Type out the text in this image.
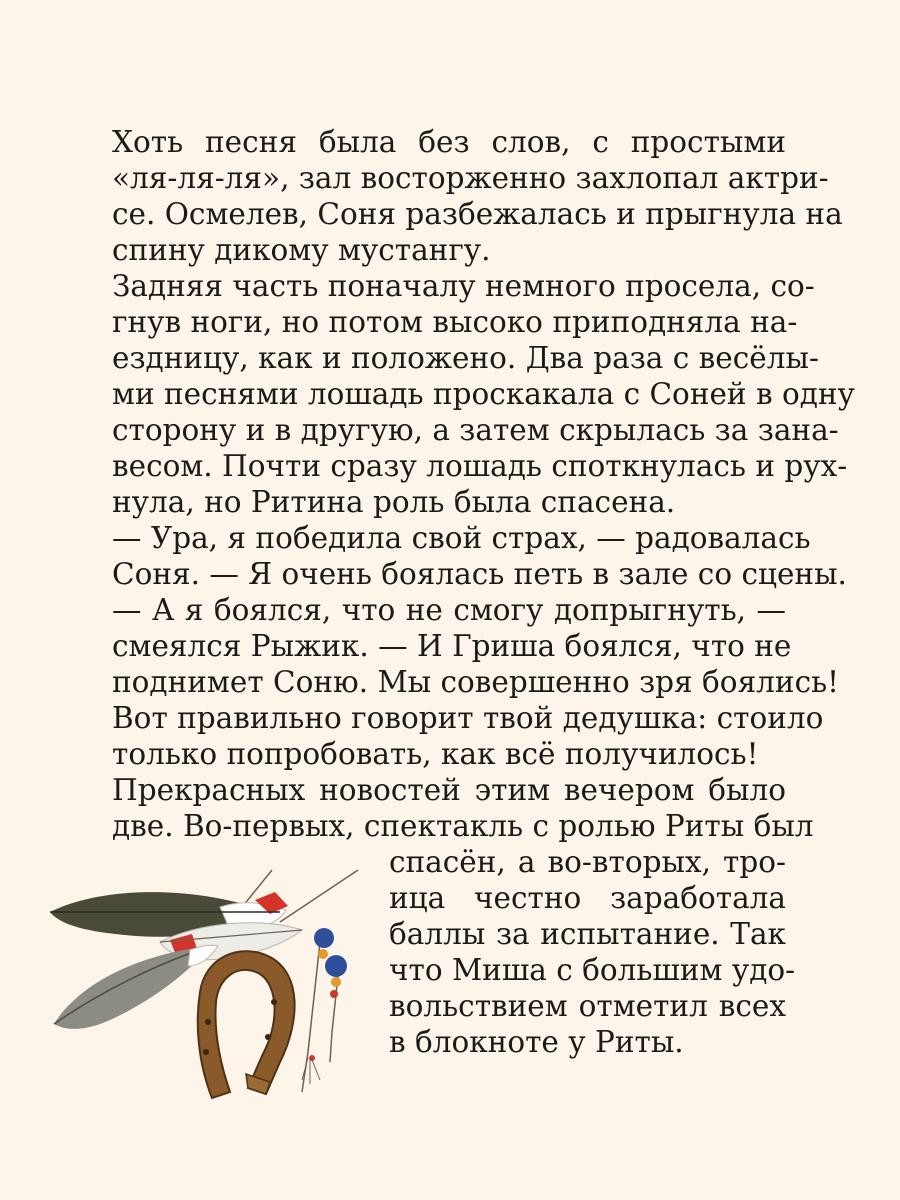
Хоть песня была без слов, с простыми
«ля-ля-ля», зал восторженно захлопал актри-
се. Осмелев, Соня разбежалась и прыгнула на
спину дикому мустангу.
Задняя часть поначалу немного просела, со-
гнув ноги, но потом высоко приподняла на-
ездницу, как и положено. Два раза с весёлы-
ми песнями лошадь проскакала с Соней в одну
сторону и в другую, а затем скрылась за зана-
весом. Почти сразу лошадь споткнулась и рух-
нула, но Ритина роль была спасена.
— Ура, я победила свой страх, — радовалась
Соня. — Я очень боялась петь в зале со сцены.
— А я боялся, что не смогу допрыгнуть, —
смеялся Рыжик. — И Гриша боялся, что не
поднимет Соню. Мы совершенно зря боялись!
Вот правильно говорит твой дедушка: стоило
только попробовать, как всё получилось!
Прекрасных новостей этим вечером было
две. Во-первых, спектакль с ролью Риты был
спасён, а во-вторых, тро-
ица честно заработала
баллы за испытание. Так
что Миша с большим удо-
вольствием отметил всех
в блокноте у Риты.
